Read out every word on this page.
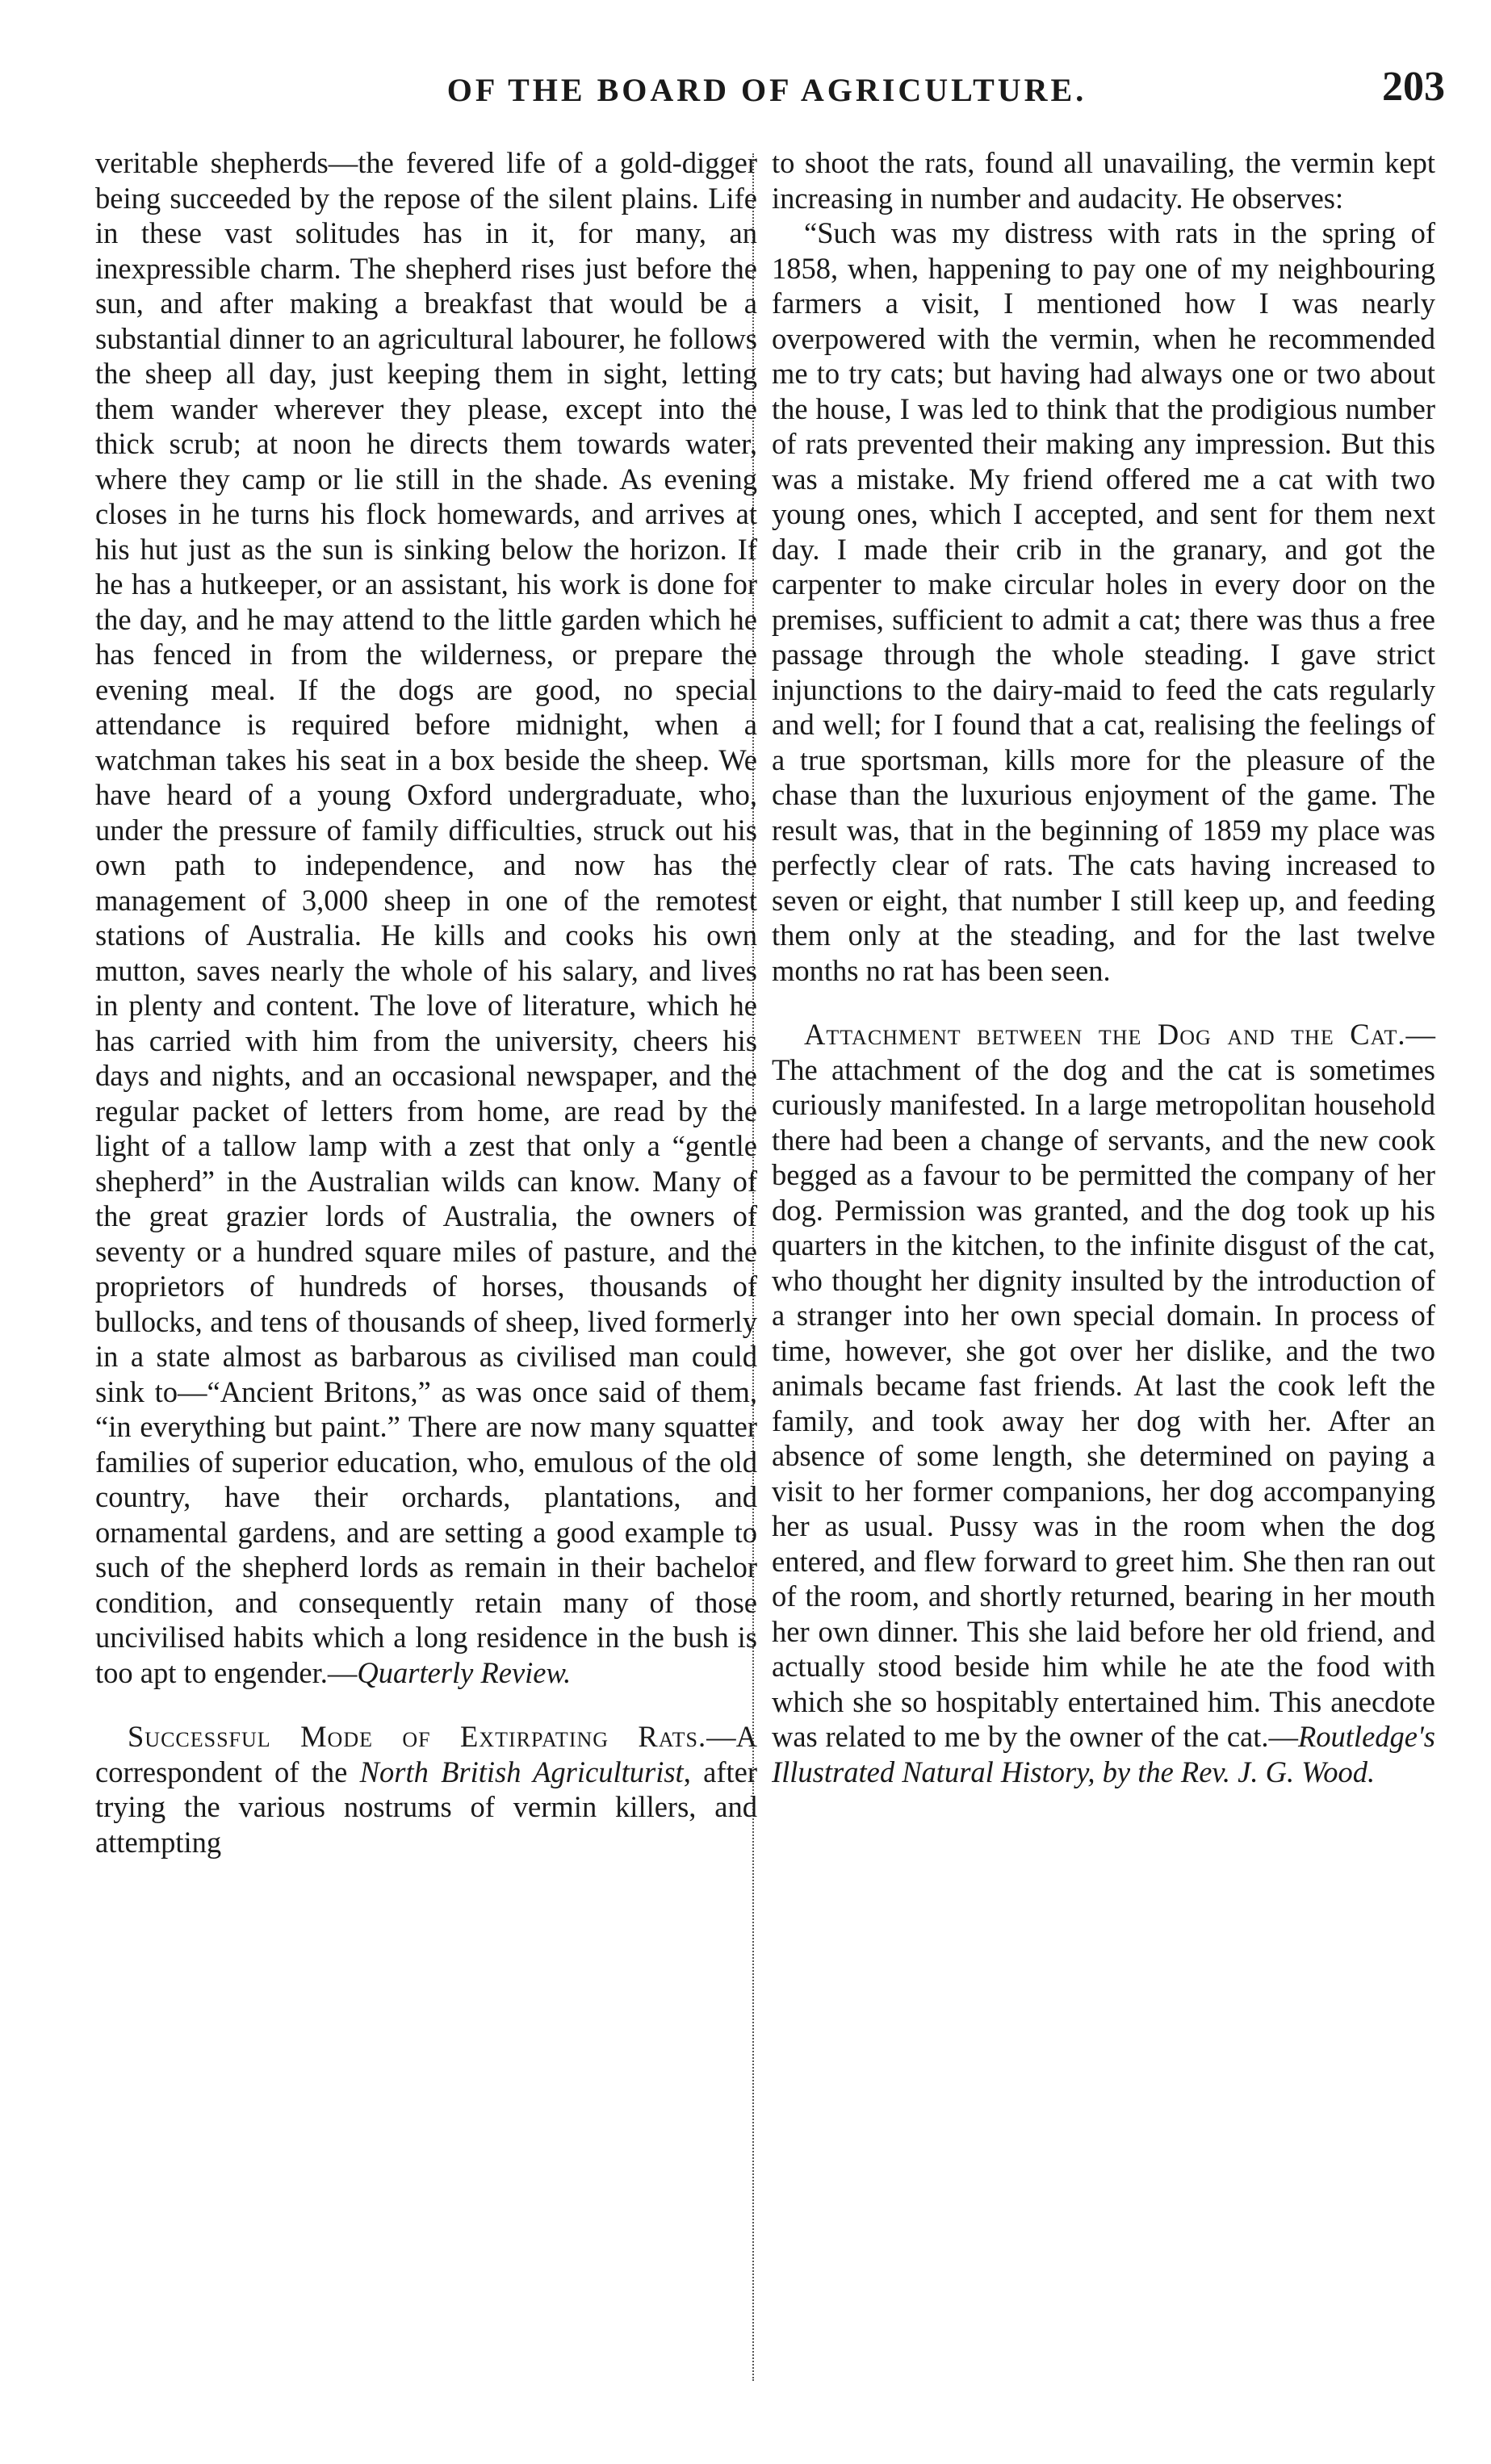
OF THE BOARD OF AGRICULTURE.	203

veritable shepherds—the fevered life of a gold-digger being succeeded by the repose of the silent plains. Life in these vast solitudes has in it, for many, an inexpressible charm. The shepherd rises just before the sun, and after making a breakfast that would be a substantial dinner to an agricultural labourer, he follows the sheep all day, just keeping them in sight, letting them wander wherever they please, except into the thick scrub; at noon he directs them towards water, where they camp or lie still in the shade. As evening closes in he turns his flock homewards, and arrives at his hut just as the sun is sinking below the horizon. If he has a hutkeeper, or an assistant, his work is done for the day, and he may attend to the little garden which he has fenced in from the wilderness, or prepare the evening meal. If the dogs are good, no special attendance is required before midnight, when a watchman takes his seat in a box beside the sheep. We have heard of a young Oxford undergraduate, who, under the pressure of family difficulties, struck out his own path to independence, and now has the management of 3,000 sheep in one of the remotest stations of Australia. He kills and cooks his own mutton, saves nearly the whole of his salary, and lives in plenty and content. The love of literature, which he has carried with him from the university, cheers his days and nights, and an occasional newspaper, and the regular packet of letters from home, are read by the light of a tallow lamp with a zest that only a “gentle shepherd” in the Australian wilds can know. Many of the great grazier lords of Australia, the owners of seventy or a hundred square miles of pasture, and the proprietors of hundreds of horses, thousands of bullocks, and tens of thousands of sheep, lived formerly in a state almost as barbarous as civilised man could sink to—“Ancient Britons,” as was once said of them, “in everything but paint.” There are now many squatter families of superior education, who, emulous of the old country, have their orchards, plantations, and ornamental gardens, and are setting a good example to such of the shepherd lords as remain in their bachelor condition, and consequently retain many of those uncivilised habits which a long residence in the bush is too apt to engender.—Quarterly Review.

Successful Mode of Extirpating Rats.—A correspondent of the North British Agriculturist, after trying the various nostrums of vermin killers, and attempting

to shoot the rats, found all unavailing, the vermin kept increasing in number and audacity. He observes:

“Such was my distress with rats in the spring of 1858, when, happening to pay one of my neighbouring farmers a visit, I mentioned how I was nearly overpowered with the vermin, when he recommended me to try cats; but having had always one or two about the house, I was led to think that the prodigious number of rats prevented their making any impression. But this was a mistake. My friend offered me a cat with two young ones, which I accepted, and sent for them next day. I made their crib in the granary, and got the carpenter to make circular holes in every door on the premises, sufficient to admit a cat; there was thus a free passage through the whole steading. I gave strict injunctions to the dairy-maid to feed the cats regularly and well; for I found that a cat, realising the feelings of a true sportsman, kills more for the pleasure of the chase than the luxurious enjoyment of the game. The result was, that in the beginning of 1859 my place was perfectly clear of rats. The cats having increased to seven or eight, that number I still keep up, and feeding them only at the steading, and for the last twelve months no rat has been seen.

Attachment between the Dog and the Cat.—The attachment of the dog and the cat is sometimes curiously manifested. In a large metropolitan household there had been a change of servants, and the new cook begged as a favour to be permitted the company of her dog. Permission was granted, and the dog took up his quarters in the kitchen, to the infinite disgust of the cat, who thought her dignity insulted by the introduction of a stranger into her own special domain. In process of time, however, she got over her dislike, and the two animals became fast friends. At last the cook left the family, and took away her dog with her. After an absence of some length, she determined on paying a visit to her former companions, her dog accompanying her as usual. Pussy was in the room when the dog entered, and flew forward to greet him. She then ran out of the room, and shortly returned, bearing in her mouth her own dinner. This she laid before her old friend, and actually stood beside him while he ate the food with which she so hospitably entertained him. This anecdote was related to me by the owner of the cat.—Routledge's Illustrated Natural History, by the Rev. J. G. Wood.
